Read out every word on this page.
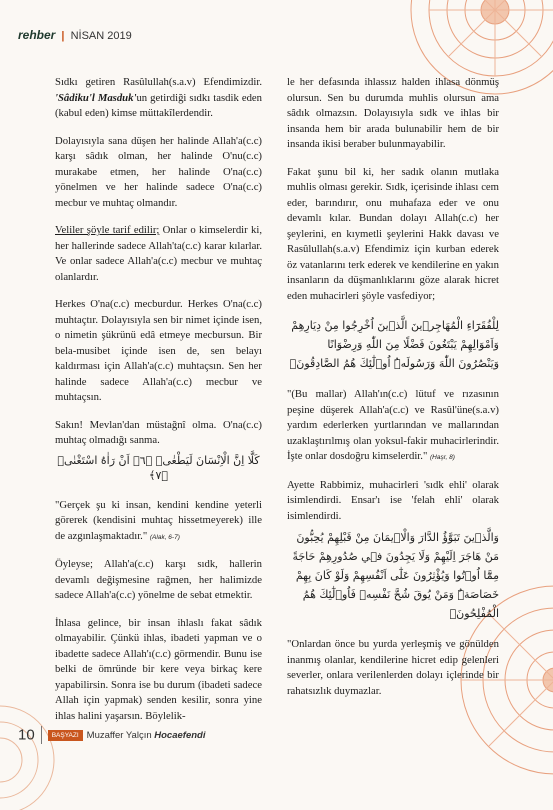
rehber | NİSAN 2019

Sıdkı getiren Rasûlullah(s.a.v) Efendimizdir. 'Sâdiku'l Masduk'un getirdiği sıdkı tasdik eden (kabul eden) kimse müttakîlerdendir.

Dolayısıyla sana düşen her halinde Allah'a(c.c) karşı sâdık olman, her halinde O'nu(c.c) murakabe etmen, her halinde O'na(c.c) yönelmen ve her halinde sadece O'na(c.c) mecbur ve muhtaç olmandır.

Veliler şöyle tarif edilir; Onlar o kimselerdir ki, her hallerinde sadece Allah'ta(c.c) karar kılarlar. Ve onlar sadece Allah'a(c.c) mecbur ve muhtaç olanlardır.

Herkes O'na(c.c) mecburdur. Herkes O'na(c.c) muhtaçtır. Dolayısıyla sen bir nimet içinde isen, o nimetin şükrünü edâ etmeye mecbursun. Bir bela-musibet içinde isen de, sen belayı kaldırması için Allah'a(c.c) muhtaçsın. Sen her halinde sadece Allah'a(c.c) mecbur ve muhtaçsın.

Sakın! Mevlan'dan müstağnî olma. O'na(c.c) muhtaç olmadığı sanma.

كَلَّا اِنَّ الْاِنْسَانَ لَيَطْغٰىۙ ﴿٦﴾ اَنْ رَاٰهُ اسْتَغْنٰىۜ ﴿٧﴾

"Gerçek şu ki insan, kendini kendine yeterli görerek (kendisini muhtaç hissetmeyerek) ille de azgınlaşmaktadır." (Alak, 6-7)

Öyleyse; Allah'a(c.c) karşı sıdk, hallerin devamlı değişmesine rağmen, her halimizde sadece Allah'a(c.c) yönelme de sebat etmektir.

İhlasa gelince, bir insan ihlaslı fakat sâdık olmayabilir. Çünkü ihlas, ibadeti yapman ve o ibadette sadece Allah'ı(c.c) görmendir. Bunu ise belki de ömründe bir kere veya birkaç kere yapabilirsin. Sonra ise bu durum (ibadeti sadece Allah için yapmak) senden kesilir, sonra yine ihlas halini yaşarsın. Böylelik-

le her defasında ihlassız halden ihlasa dönmüş olursun. Sen bu durumda muhlis olursun ama sâdık olmazsın. Dolayısıyla sıdk ve ihlas bir insanda hem bir arada bulunabilir hem de bir insanda ikisi beraber bulunmayabilir.

Fakat şunu bil ki, her sadık olanın mutlaka muhlis olması gerekir. Sıdk, içerisinde ihlası cem eder, barındırır, onu muhafaza eder ve onu devamlı kılar. Bundan dolayı Allah(c.c) her şeylerini, en kıymetli şeylerini Hakk davası ve Rasûlullah(s.a.v) Efendimiz için kurban ederek öz vatanlarını terk ederek ve kendilerine en yakın insanların da düşmanlıklarını göze alarak hicret eden muhacirleri şöyle vasfediyor;

لِلْفُقَرَٓاءِ الْمُهَاجِر۪ينَ الَّذ۪ينَ اُخْرِجُوا مِنْ دِيَارِهِمْ وَاَمْوَالِهِمْ يَبْتَغُونَ فَضْلًا مِنَ اللّٰهِ وَرِضْوَانًا وَيَنْصُرُونَ اللّٰهَ وَرَسُولَهُۜ اُو۬لٰٓئِكَ هُمُ الصَّادِقُونَۚ

"(Bu mallar) Allah'ın(c.c) lütuf ve rızasının peşine düşerek Allah'a(c.c) ve Rasûl'üne(s.a.v) yardım ederlerken yurtlarından ve mallarından uzaklaştırılmış olan yoksul-fakir muhacirlerindir. İşte onlar dosdoğru kimselerdir." (Haşr, 8)

Ayette Rabbimiz, muhacirleri 'sıdk ehli' olarak isimlendirdi. Ensar'ı ise 'felah ehli' olarak isimlendirdi.

وَالَّذ۪ينَ تَبَوَّؤُ الدَّارَ وَالْا۪يمَانَ مِنْ قَبْلِهِمْ يُحِبُّونَ مَنْ هَاجَرَ اِلَيْهِمْ وَلَا يَجِدُونَ ف۪ي صُدُورِهِمْ حَاجَةً مِمَّٓا اُو۫تُوا وَيُؤْثِرُونَ عَلٰٓى اَنْفُسِهِمْ وَلَوْ كَانَ بِهِمْ خَصَاصَةٌۜ وَمَنْ يُوقَ شُحَّ نَفْسِه۪ فَاُو۬لٰٓئِكَ هُمُ الْمُفْلِحُونَۚ

"Onlardan önce bu yurda yerleşmiş ve gönülden inanmış olanlar, kendilerine hicret edip gelenleri severler, onlara verilenlerden dolayı içlerinde bir rahatsızlık duymazlar.

10	BAŞYAZI Muzaffer Yalçın Hocaefendi
